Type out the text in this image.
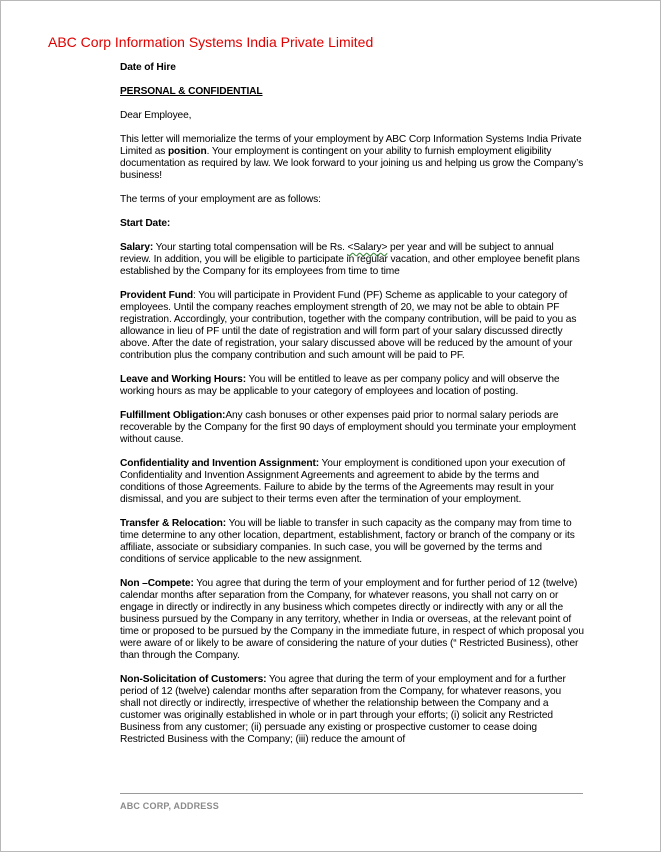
ABC Corp Information Systems India Private Limited

Date of Hire

PERSONAL & CONFIDENTIAL

Dear Employee,

This letter will memorialize the terms of your employment by ABC Corp Information Systems India Private Limited as position. Your employment is contingent on your ability to furnish employment eligibility documentation as required by law. We look forward to your joining us and helping us grow the Company’s business!

The terms of your employment are as follows:

Start Date:

Salary: Your starting total compensation will be Rs. <Salary> per year and will be subject to annual review. In addition, you will be eligible to participate in regular vacation, and other employee benefit plans established by the Company for its employees from time to time

Provident Fund: You will participate in Provident Fund (PF) Scheme as applicable to your category of employees. Until the company reaches employment strength of 20, we may not be able to obtain PF registration. Accordingly, your contribution, together with the company contribution, will be paid to you as allowance in lieu of PF until the date of registration and will form part of your salary discussed directly above. After the date of registration, your salary discussed above will be reduced by the amount of your contribution plus the company contribution and such amount will be paid to PF.

Leave and Working Hours: You will be entitled to leave as per company policy and will observe the working hours as may be applicable to your category of employees and location of posting.

Fulfillment Obligation:Any cash bonuses or other expenses paid prior to normal salary periods are recoverable by the Company for the first 90 days of employment should you terminate your employment without cause.

Confidentiality and Invention Assignment: Your employment is conditioned upon your execution of Confidentiality and Invention Assignment Agreements and agreement to abide by the terms and conditions of those Agreements. Failure to abide by the terms of the Agreements may result in your dismissal, and you are subject to their terms even after the termination of your employment.

Transfer & Relocation: You will be liable to transfer in such capacity as the company may from time to time determine to any other location, department, establishment, factory or branch of the company or its affiliate, associate or subsidiary companies. In such case, you will be governed by the terms and conditions of service applicable to the new assignment.

Non –Compete: You agree that during the term of your employment and for further period of 12 (twelve) calendar months after separation from the Company, for whatever reasons, you shall not carry on or engage in directly or indirectly in any business which competes directly or indirectly with any or all the business pursued by the Company in any territory, whether in India or overseas, at the relevant point of time or proposed to be pursued by the Company in the immediate future, in respect of which proposal you were aware of or likely to be aware of considering the nature of your duties (“ Restricted Business), other than through the Company.

Non-Solicitation of Customers: You agree that during the term of your employment and for a further period of 12 (twelve) calendar months after separation from the Company, for whatever reasons, you shall not directly or indirectly, irrespective of whether the relationship between the Company and a customer was originally established in whole or in part through your efforts; (i) solicit any Restricted Business from any customer; (ii) persuade any existing or prospective customer to cease doing Restricted Business with the Company; (iii) reduce the amount of

ABC CORP, ADDRESS
